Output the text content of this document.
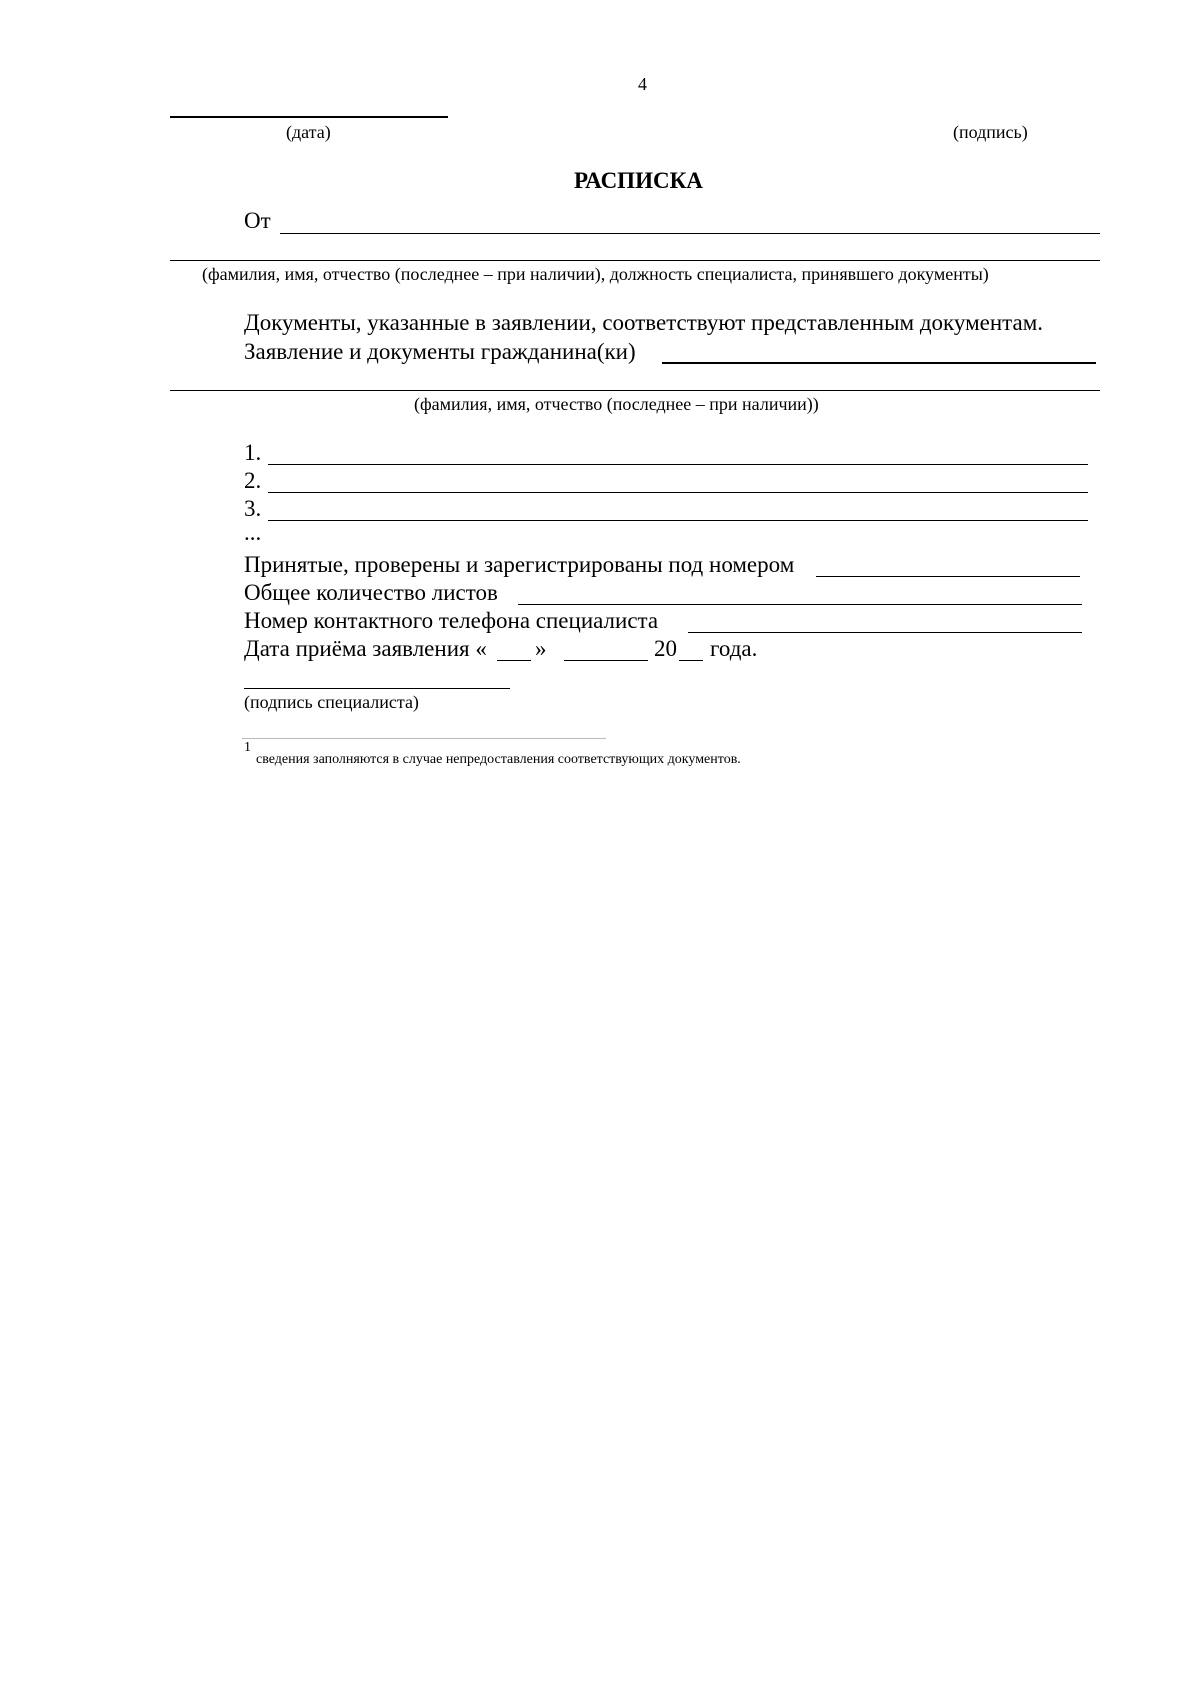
4
(дата)	(подпись)
РАСПИСКА
От
(фамилия, имя, отчество (последнее – при наличии), должность специалиста, принявшего документы)
Документы, указанные в заявлении, соответствуют представленным документам.
Заявление и документы гражданина(ки)
(фамилия, имя, отчество (последнее – при наличии))
1.
2.
3.
...
Принятые, проверены и зарегистрированы под номером
Общее количество листов
Номер контактного телефона специалиста
Дата приёма заявления « »	20 года.
(подпись специалиста)
1
сведения заполняются в случае непредоставления соответствующих документов.
